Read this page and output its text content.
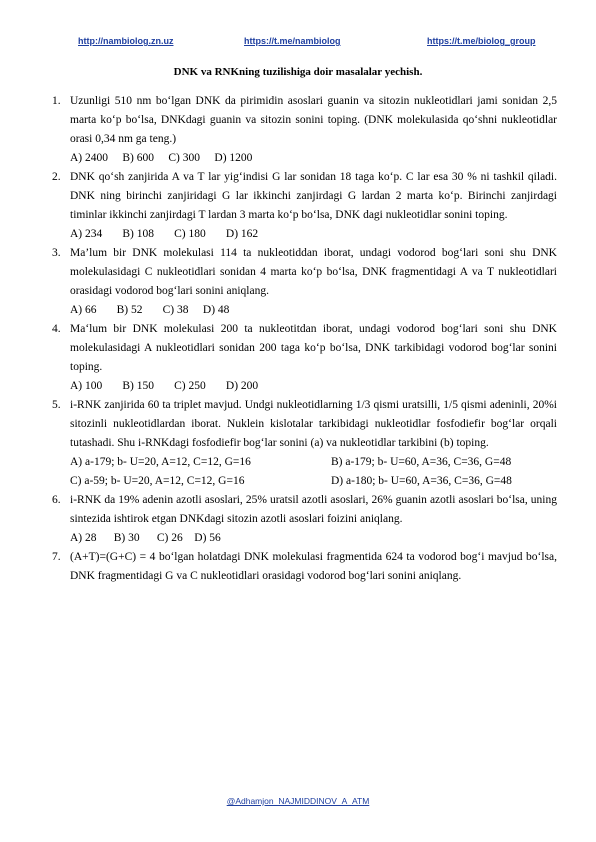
http://nambiolog.zn.uz	https://t.me/nambiolog	https://t.me/biolog_group
DNK va RNKning tuzilishiga doir masalalar yechish.
1. Uzunligi 510 nm bo‘lgan DNK da pirimidin asoslari guanin va sitozin nukleotidlari jami sonidan 2,5 marta ko‘p bo‘lsa, DNKdagi guanin va sitozin sonini toping. (DNK molekulasida qo‘shni nukleotidlar orasi 0,34 nm ga teng.)
A) 2400     B) 600     C) 300     D) 1200
2. DNK qo‘sh zanjirida A va T lar yig‘indisi G lar sonidan 18 taga ko‘p. C lar esa 30 % ni tashkil qiladi. DNK ning birinchi zanjiridagi G lar ikkinchi zanjirdagi G lardan 2 marta ko‘p. Birinchi zanjirdagi timinlar ikkinchi zanjirdagi T lardan 3 marta ko‘p bo‘lsa, DNK dagi nukleotidlar sonini toping.
A) 234       B) 108       C) 180       D) 162
3. Ma’lum bir DNK molekulasi 114 ta nukleotiddan iborat, undagi vodorod bog‘lari soni shu DNK molekulasidagi C nukleotidlari sonidan 4 marta ko‘p bo‘lsa, DNK fragmentidagi A va T nukleotidlari orasidagi vodorod bog‘lari sonini aniqlang.
A) 66       B) 52       C) 38     D) 48
4. Ma‘lum bir DNK molekulasi 200 ta nukleotitdan iborat, undagi vodorod bog‘lari soni shu DNK molekulasidagi A nukleotidlari sonidan 200 taga ko‘p bo‘lsa, DNK tarkibidagi vodorod bog‘lar sonini toping.
A) 100       B) 150       C) 250       D) 200
5. i-RNK zanjirida 60 ta triplet mavjud. Undgi nukleotidlarning 1/3 qismi uratsilli, 1/5 qismi adeninli, 20%i sitozinli nukleotidlardan iborat. Nuklein kislotalar tarkibidagi nukleotidlar fosfodiefir bog‘lar orqali tutashadi. Shu i-RNKdagi fosfodiefir bog‘lar sonini (a) va nukleotidlar tarkibini (b) toping.
A) a-179; b- U=20, A=12, C=12, G=16	B) a-179; b- U=60, A=36, C=36, G=48
C) a-59; b- U=20, A=12, C=12, G=16	D) a-180; b- U=60, A=36, C=36, G=48
6. i-RNK da 19% adenin azotli asoslari, 25% uratsil azotli asoslari, 26% guanin azotli asoslari bo‘lsa, uning sintezida ishtirok etgan DNKdagi sitozin azotli asoslari foizini aniqlang.
A) 28      B) 30      C) 26    D) 56
7. (A+T)=(G+C) = 4 bo‘lgan holatdagi DNK molekulasi fragmentida 624 ta vodorod bog‘i mavjud bo‘lsa, DNK fragmentidagi G va C nukleotidlari orasidagi vodorod bog‘lari sonini aniqlang.
@Adhamjon_NAJMIDDINOV_A_ATM
